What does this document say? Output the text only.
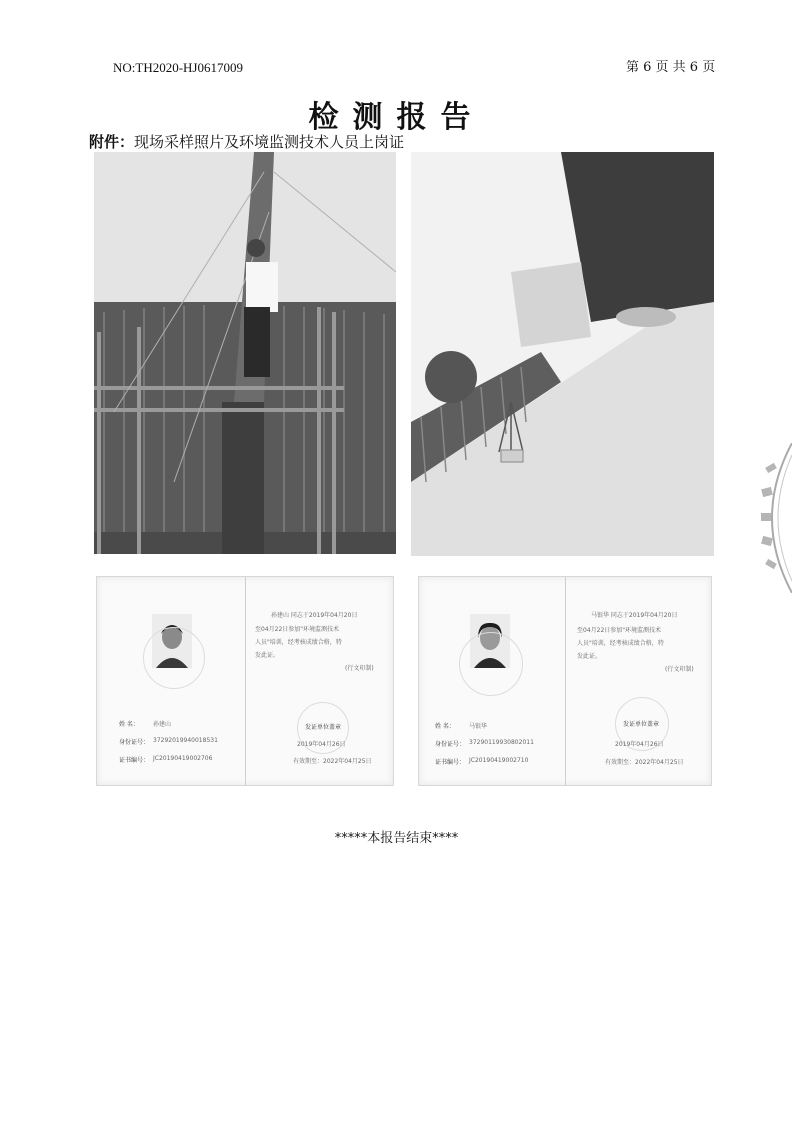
NO:TH2020-HJ0617009	第 6 页 共 6 页
检测报告
附件：现场采样照片及环境监测技术人员上岗证
孙建山 同志于2019年04月20日
至04月22日参加"环境监测技术
人员"培训，经考核成绩合格，特
发此证。
(行文印制)
姓 名： 孙建山
身份证号： 37292019940018531
证书编号： JC20190419002706
发证单位盖章
2019年04月26日
有效期至：2022年04月25日
马银华 同志于2019年04月20日
至04月22日参加"环境监测技术
人员"培训，经考核成绩合格，特
发此证。
(行文印制)
姓 名： 马银华
身份证号： 37290119930802011
证书编号： JC20190419002710
发证单位盖章
2019年04月26日
有效期至：2022年04月25日
*****本报告结束****
